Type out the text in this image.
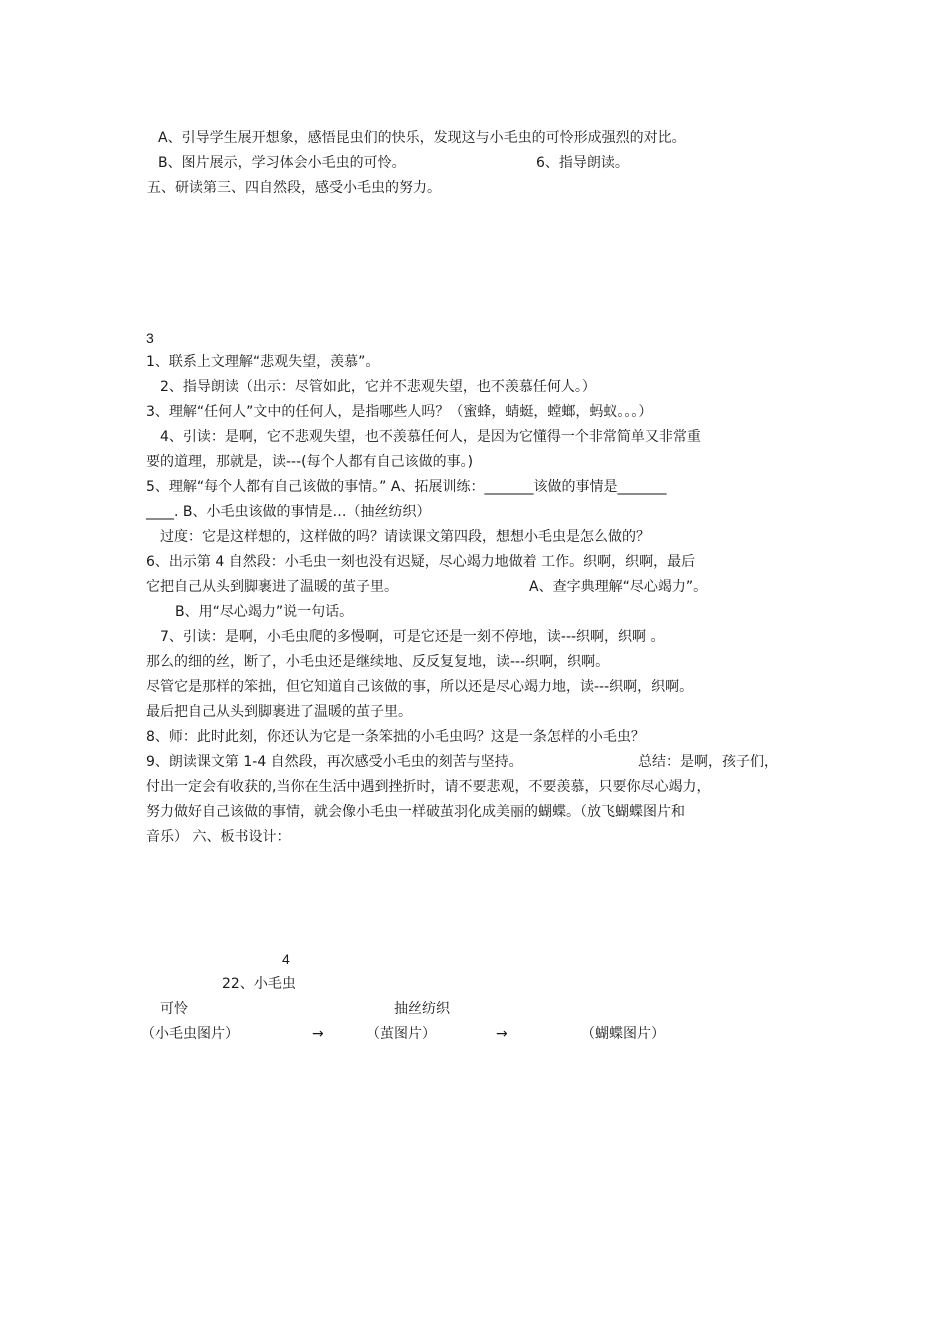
A、引导学生展开想象，感悟昆虫们的快乐，发现这与小毛虫的可怜形成强烈的对比。
B、图片展示，学习体会小毛虫的可怜。	6、指导朗读。
五、研读第三、四自然段，感受小毛虫的努力。
3
1、联系上文理解“悲观失望，羡慕”。
2、指导朗读（出示：尽管如此，它并不悲观失望，也不羡慕任何人。）
3、理解“任何人”文中的任何人，是指哪些人吗？（蜜蜂，蜻蜓，螳螂，蚂蚁。。。）
4、引读：是啊，它不悲观失望，也不羡慕任何人，是因为它懂得一个非常简单又非常重
要的道理，那就是，读---(每个人都有自己该做的事。)
5、理解“每个人都有自己该做的事情。” A、拓展训练：_______该做的事情是_______
____. B、小毛虫该做的事情是…（抽丝纺织）
过度：它是这样想的，这样做的吗？请读课文第四段，想想小毛虫是怎么做的？
6、出示第 4 自然段：小毛虫一刻也没有迟疑，尽心竭力地做着 工作。织啊，织啊，最后
它把自己从头到脚裹进了温暖的茧子里。	A、查字典理解“尽心竭力”。
B、用“尽心竭力”说一句话。
7、引读：是啊，小毛虫爬的多慢啊，可是它还是一刻不停地，读---织啊，织啊 。
那么的细的丝，断了，小毛虫还是继续地、反反复复地，读---织啊，织啊。
尽管它是那样的笨拙，但它知道自己该做的事，所以还是尽心竭力地，读---织啊，织啊。
最后把自己从头到脚裹进了温暖的茧子里。
8、师：此时此刻，你还认为它是一条笨拙的小毛虫吗？这是一条怎样的小毛虫？
9、朗读课文第 1-4 自然段，再次感受小毛虫的刻苦与坚持。	总结：是啊，孩子们，
付出一定会有收获的,当你在生活中遇到挫折时，请不要悲观，不要羡慕，只要你尽心竭力，
努力做好自己该做的事情，就会像小毛虫一样破茧羽化成美丽的蝴蝶。（放飞蝴蝶图片和
音乐） 六、板书设计：
4
22、小毛虫
可怜	抽丝纺织
（小毛虫图片）	→	（茧图片）	→	（蝴蝶图片）
